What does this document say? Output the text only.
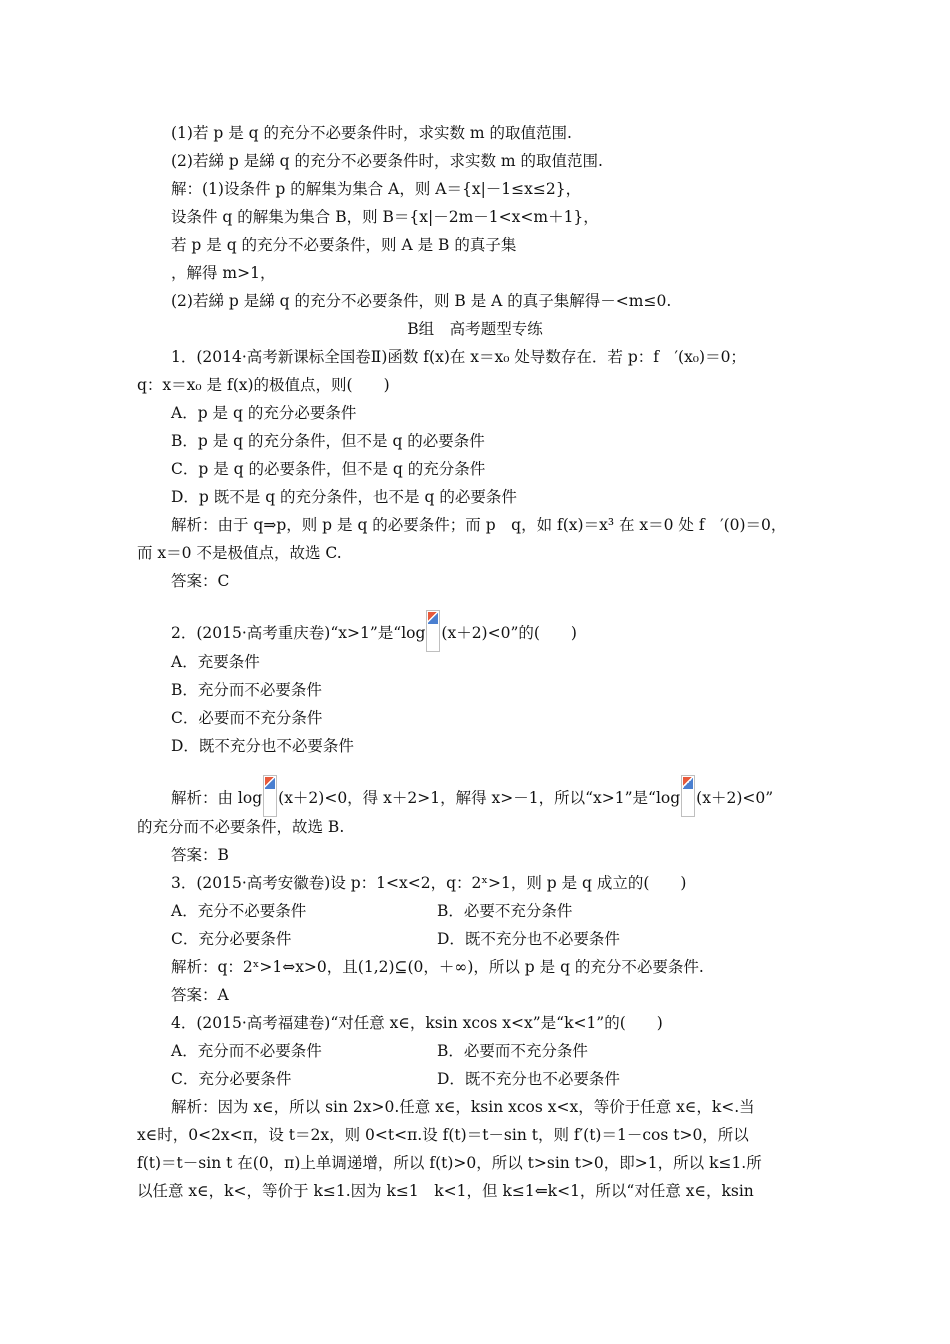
(1)若 p 是 q 的充分不必要条件时，求实数 m 的取值范围.
(2)若綈 p 是綈 q 的充分不必要条件时，求实数 m 的取值范围.
解：(1)设条件 p 的解集为集合 A，则 A＝{x|－1≤x≤2}，
设条件 q 的解集为集合 B，则 B＝{x|－2m－1<x<m＋1}，
若 p 是 q 的充分不必要条件，则 A 是 B 的真子集
，解得 m>1，
(2)若綈 p 是綈 q 的充分不必要条件，则 B 是 A 的真子集解得－<m≤0.
B组　高考题型专练
1．(2014·高考新课标全国卷Ⅱ)函数 f(x)在 x＝x₀ 处导数存在．若 p：f　′(x₀)＝0；
q：x＝x₀ 是 f(x)的极值点，则(　　)
A．p 是 q 的充分必要条件
B．p 是 q 的充分条件，但不是 q 的必要条件
C．p 是 q 的必要条件，但不是 q 的充分条件
D．p 既不是 q 的充分条件，也不是 q 的必要条件
解析：由于 q⇒p，则 p 是 q 的必要条件；而 p　q，如 f(x)＝x³ 在 x＝0 处 f　′(0)＝0，
而 x＝0 不是极值点，故选 C.
答案：C
2．(2015·高考重庆卷)“x>1”是“log (x＋2)<0”的(　　)
A．充要条件
B．充分而不必要条件
C．必要而不充分条件
D．既不充分也不必要条件
解析：由 log (x＋2)<0，得 x＋2>1，解得 x>－1，所以“x>1”是“log (x＋2)<0”
的充分而不必要条件，故选 B.
答案：B
3．(2015·高考安徽卷)设 p：1<x<2，q：2ˣ>1，则 p 是 q 成立的(　　)
A．充分不必要条件	B．必要不充分条件
C．充分必要条件	D．既不充分也不必要条件
解析：q：2ˣ>1⇔x>0，且(1,2)⊆(0，＋∞)，所以 p 是 q 的充分不必要条件.
答案：A
4．(2015·高考福建卷)“对任意 x∈，ksin xcos x<x”是“k<1”的(　　)
A．充分而不必要条件	B．必要而不充分条件
C．充分必要条件	D．既不充分也不必要条件
解析：因为 x∈，所以 sin 2x>0.任意 x∈，ksin xcos x<x，等价于任意 x∈，k<.当
x∈时，0<2x<π，设 t＝2x，则 0<t<π.设 f(t)＝t－sin t，则 f′(t)＝1－cos t>0，所以
f(t)＝t－sin t 在(0，π)上单调递增，所以 f(t)>0，所以 t>sin t>0，即>1，所以 k≤1.所
以任意 x∈，k<，等价于 k≤1.因为 k≤1　k<1，但 k≤1⇐k<1，所以“对任意 x∈，ksin
